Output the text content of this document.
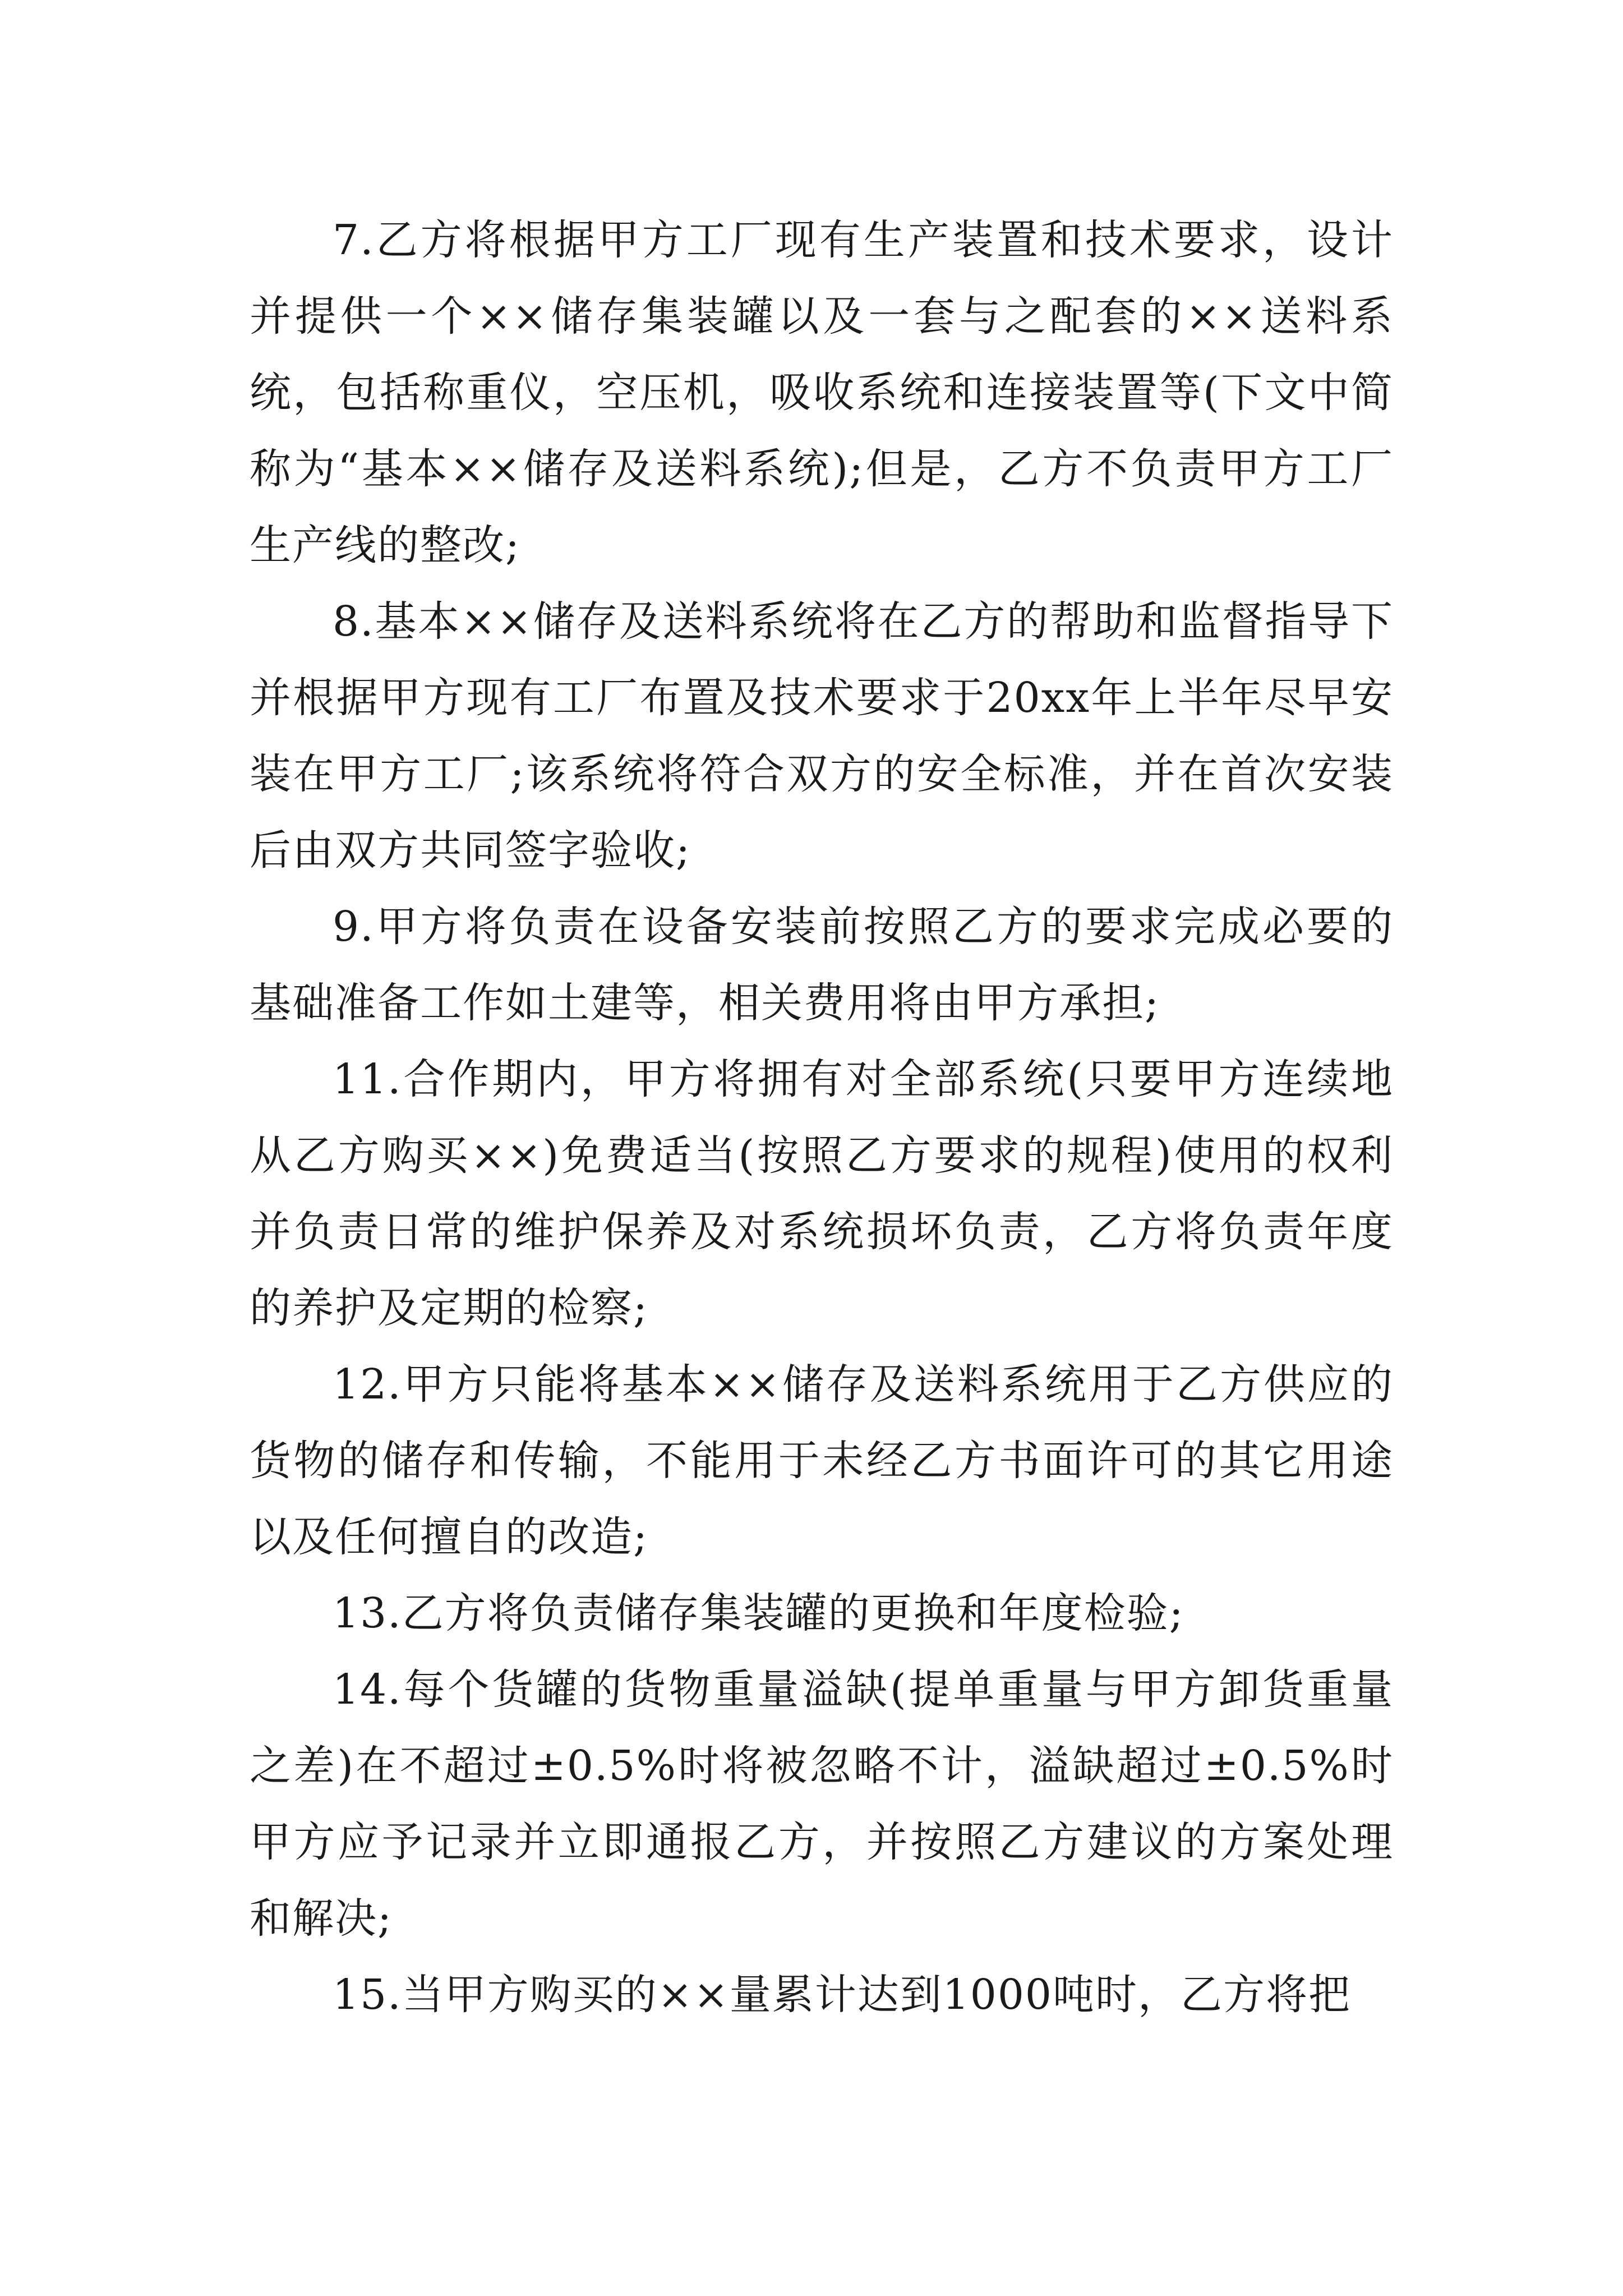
7.乙方将根据甲方工厂现有生产装置和技术要求，设计并提供一个××储存集装罐以及一套与之配套的××送料系统，包括称重仪，空压机，吸收系统和连接装置等(下文中简称为“基本××储存及送料系统);但是，乙方不负责甲方工厂生产线的整改;

8.基本××储存及送料系统将在乙方的帮助和监督指导下并根据甲方现有工厂布置及技术要求于20xx年上半年尽早安装在甲方工厂;该系统将符合双方的安全标准，并在首次安装后由双方共同签字验收;

9.甲方将负责在设备安装前按照乙方的要求完成必要的基础准备工作如土建等，相关费用将由甲方承担;

11.合作期内，甲方将拥有对全部系统(只要甲方连续地从乙方购买××)免费适当(按照乙方要求的规程)使用的权利并负责日常的维护保养及对系统损坏负责，乙方将负责年度的养护及定期的检察;

12.甲方只能将基本××储存及送料系统用于乙方供应的货物的储存和传输，不能用于未经乙方书面许可的其它用途以及任何擅自的改造;

13.乙方将负责储存集装罐的更换和年度检验;

14.每个货罐的货物重量溢缺(提单重量与甲方卸货重量之差)在不超过±0.5%时将被忽略不计，溢缺超过±0.5%时甲方应予记录并立即通报乙方，并按照乙方建议的方案处理和解决;

15.当甲方购买的××量累计达到1000吨时，乙方将把
